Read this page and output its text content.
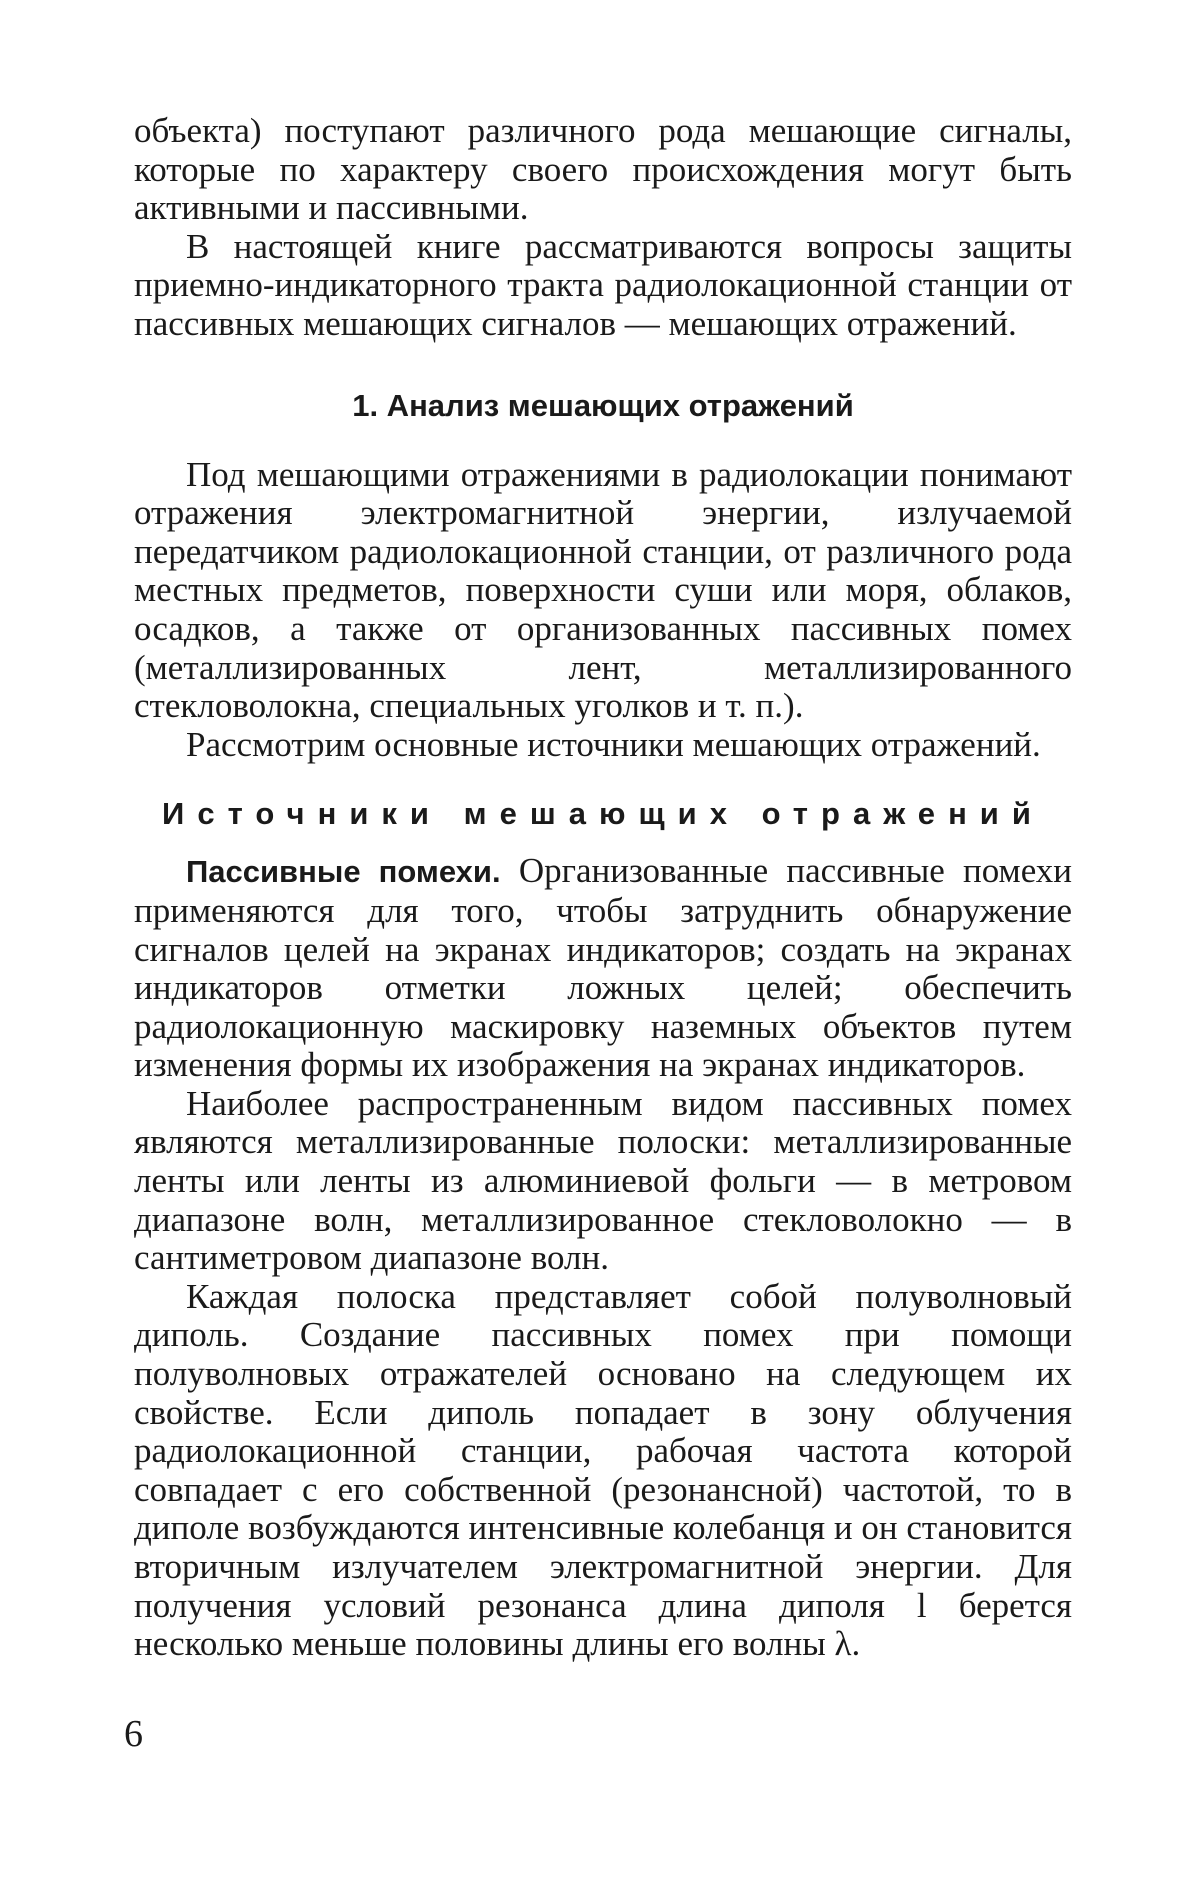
объекта) поступают различного рода мешающие сигналы, которые по характеру своего происхождения могут быть активными и пассивными.

В настоящей книге рассматриваются вопросы защиты приемно-индикаторного тракта радиолокационной станции от пассивных мешающих сигналов — мешающих отражений.

1. Анализ мешающих отражений

Под мешающими отражениями в радиолокации понимают отражения электромагнитной энергии, излучаемой передатчиком радиолокационной станции, от различного рода местных предметов, поверхности суши или моря, облаков, осадков, а также от организованных пассивных помех (металлизированных лент, металлизированного стекловолокна, специальных уголков и т. п.).

Рассмотрим основные источники мешающих отражений.

Источники мешающих отражений

Пассивные помехи. Организованные пассивные помехи применяются для того, чтобы затруднить обнаружение сигналов целей на экранах индикаторов; создать на экранах индикаторов отметки ложных целей; обеспечить радиолокационную маскировку наземных объектов путем изменения формы их изображения на экранах индикаторов.

Наиболее распространенным видом пассивных помех являются металлизированные полоски: металлизированные ленты или ленты из алюминиевой фольги — в метровом диапазоне волн, металлизированное стекловолокно — в сантиметровом диапазоне волн.

Каждая полоска представляет собой полуволновый диполь. Создание пассивных помех при помощи полуволновых отражателей основано на следующем их свойстве. Если диполь попадает в зону облучения радиолокационной станции, рабочая частота которой совпадает с его собственной (резонансной) частотой, то в диполе возбуждаются интенсивные колебанця и он становится вторичным излучателем электромагнитной энергии. Для получения условий резонанса длина диполя l берется несколько меньше половины длины его волны λ.

6
